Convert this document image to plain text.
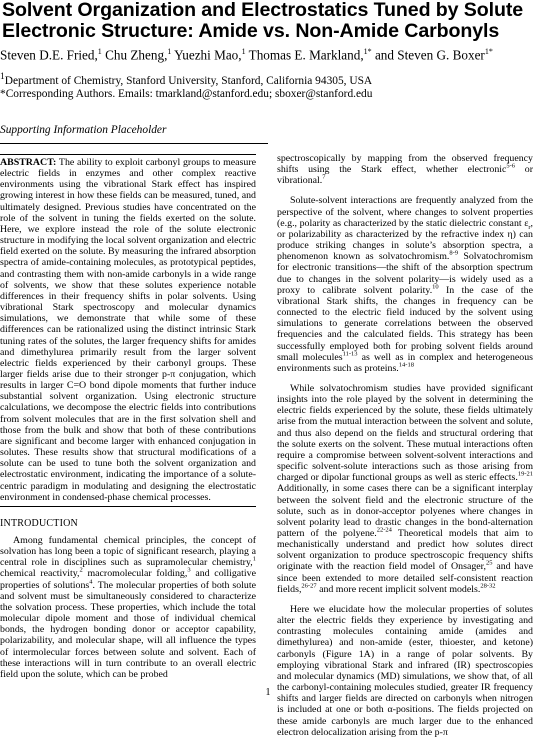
Solvent Organization and Electrostatics Tuned by Solute Electronic Structure: Amide vs. Non-Amide Carbonyls
Steven D.E. Fried,$^1$ Chu Zheng,$^1$ Yuezhi Mao,$^1$ Thomas E. Markland,$^{1*}$ and Steven G. Boxer$^{1*}$
$^1$Department of Chemistry, Stanford University, Stanford, California 94305, USA
*Corresponding Authors. Emails: tmarkland@stanford.edu; sboxer@stanford.edu
Supporting Information Placeholder

ABSTRACT: The ability to exploit carbonyl groups to measure electric fields in enzymes and other complex reactive environments using the vibrational Stark effect has inspired growing interest in how these fields can be measured, tuned, and ultimately designed. Previous studies have concentrated on the role of the solvent in tuning the fields exerted on the solute. Here, we explore instead the role of the solute electronic structure in modifying the local solvent organization and electric field exerted on the solute. By measuring the infrared absorption spectra of amide-containing molecules, as prototypical peptides, and contrasting them with non-amide carbonyls in a wide range of solvents, we show that these solutes experience notable differences in their frequency shifts in polar solvents. Using vibrational Stark spectroscopy and molecular dynamics simulations, we demonstrate that while some of these differences can be rationalized using the distinct intrinsic Stark tuning rates of the solutes, the larger frequency shifts for amides and dimethylurea primarily result from the larger solvent electric fields experienced by their carbonyl groups. These larger fields arise due to their stronger p-π conjugation, which results in larger C=O bond dipole moments that further induce substantial solvent organization. Using electronic structure calculations, we decompose the electric fields into contributions from solvent molecules that are in the first solvation shell and those from the bulk and show that both of these contributions are significant and become larger with enhanced conjugation in solutes. These results show that structural modifications of a solute can be used to tune both the solvent organization and electrostatic environment, indicating the importance of a solute-centric paradigm in modulating and designing the electrostatic environment in condensed-phase chemical processes.

INTRODUCTION

Among fundamental chemical principles, the concept of solvation has long been a topic of significant research, playing a central role in disciplines such as supramolecular chemistry,$^1$ chemical reactivity,$^2$ macromolecular folding,$^3$ and colligative properties of solutions$^4$. The molecular properties of both solute and solvent must be simultaneously considered to characterize the solvation process. These properties, which include the total molecular dipole moment and those of individual chemical bonds, the hydrogen bonding donor or acceptor capability, polarizability, and molecular shape, will all influence the types of intermolecular forces between solute and solvent. Each of these interactions will in turn contribute to an overall electric field upon the solute, which can be probed

spectroscopically by mapping from the observed frequency shifts using the Stark effect, whether electronic$^{5-6}$ or vibrational.$^7$

Solute-solvent interactions are frequently analyzed from the perspective of the solvent, where changes to solvent properties (e.g., polarity as characterized by the static dielectric constant $\varepsilon_r$, or polarizability as characterized by the refractive index η) can produce striking changes in solute’s absorption spectra, a phenomenon known as solvatochromism.$^{8-9}$ Solvatochromism for electronic transitions—the shift of the absorption spectrum due to changes in the solvent polarity—is widely used as a proxy to calibrate solvent polarity.$^{10}$ In the case of the vibrational Stark shifts, the changes in frequency can be connected to the electric field induced by the solvent using simulations to generate correlations between the observed frequencies and the calculated fields. This strategy has been successfully employed both for probing solvent fields around small molecules$^{11-13}$ as well as in complex and heterogeneous environments such as proteins.$^{14-18}$

While solvatochromism studies have provided significant insights into the role played by the solvent in determining the electric fields experienced by the solute, these fields ultimately arise from the mutual interaction between the solvent and solute, and thus also depend on the fields and structural ordering that the solute exerts on the solvent. These mutual interactions often require a compromise between solvent-solvent interactions and specific solvent-solute interactions such as those arising from charged or dipolar functional groups as well as steric effects.$^{19-21}$ Additionally, in some cases there can be a significant interplay between the solvent field and the electronic structure of the solute, such as in donor-acceptor polyenes where changes in solvent polarity lead to drastic changes in the bond-alternation pattern of the polyene.$^{22-24}$ Theoretical models that aim to mechanistically understand and predict how solutes direct solvent organization to produce spectroscopic frequency shifts originate with the reaction field model of Onsager,$^{25}$ and have since been extended to more detailed self-consistent reaction fields,$^{26-27}$ and more recent implicit solvent models.$^{28-32}$

Here we elucidate how the molecular properties of solutes alter the electric fields they experience by investigating and contrasting molecules containing amide (amides and dimethylurea) and non-amide (ester, thioester, and ketone) carbonyls (Figure 1A) in a range of polar solvents. By employing vibrational Stark and infrared (IR) spectroscopies and molecular dynamics (MD) simulations, we show that, of all the carbonyl-containing molecules studied, greater IR frequency shifts and larger fields are directed on carbonyls when nitrogen is included at one or both α-positions. The fields projected on these amide carbonyls are much larger due to the enhanced electron delocalization arising from the p-π

1
